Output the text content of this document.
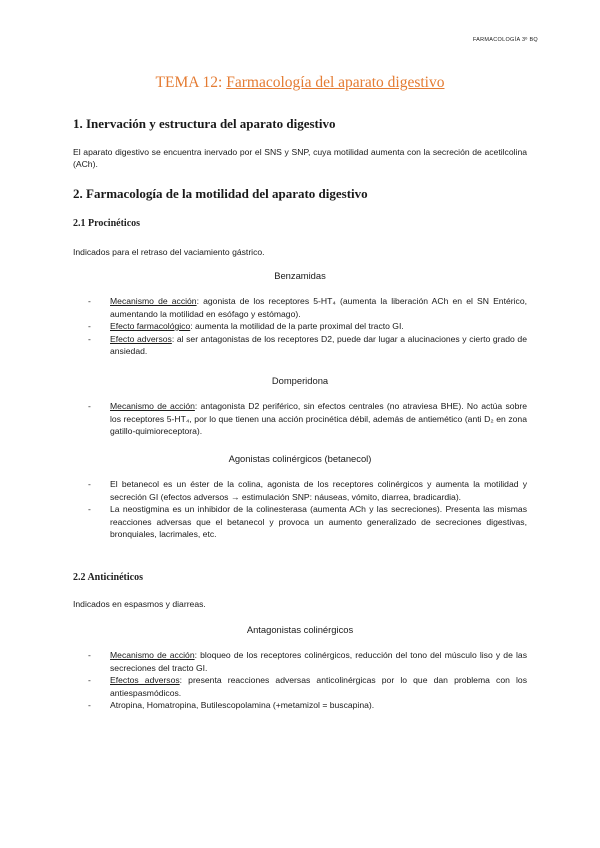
FARMACOLOGÍA 3º BQ
TEMA 12: Farmacología del aparato digestivo
1. Inervación y estructura del aparato digestivo
El aparato digestivo se encuentra inervado por el SNS y SNP, cuya motilidad aumenta con la secreción de acetilcolina (ACh).
2. Farmacología de la motilidad del aparato digestivo
2.1 Procinéticos
Indicados para el retraso del vaciamiento gástrico.
Benzamidas
- Mecanismo de acción: agonista de los receptores 5-HT₄ (aumenta la liberación ACh en el SN Entérico, aumentando la motilidad en esófago y estómago).
- Efecto farmacológico: aumenta la motilidad de la parte proximal del tracto GI.
- Efecto adversos: al ser antagonistas de los receptores D2, puede dar lugar a alucinaciones y cierto grado de ansiedad.
Domperidona
- Mecanismo de acción: antagonista D2 periférico, sin efectos centrales (no atraviesa BHE). No actúa sobre los receptores 5-HT₄, por lo que tienen una acción procinética débil, además de antiemético (anti D₂ en zona gatillo-quimioreceptora).
Agonistas colinérgicos (betanecol)
- El betanecol es un éster de la colina, agonista de los receptores colinérgicos y aumenta la motilidad y secreción GI (efectos adversos → estimulación SNP: náuseas, vómito, diarrea, bradicardia).
- La neostigmina es un inhibidor de la colinesterasa (aumenta ACh y las secreciones). Presenta las mismas reacciones adversas que el betanecol y provoca un aumento generalizado de secreciones digestivas, bronquiales, lacrimales, etc.
2.2 Anticinéticos
Indicados en espasmos y diarreas.
Antagonistas colinérgicos
- Mecanismo de acción: bloqueo de los receptores colinérgicos, reducción del tono del músculo liso y de las secreciones del tracto GI.
- Efectos adversos: presenta reacciones adversas anticolinérgicas por lo que dan problema con los antiespasmódicos.
- Atropina, Homatropina, Butilescopolamina (+metamizol = buscapina).
